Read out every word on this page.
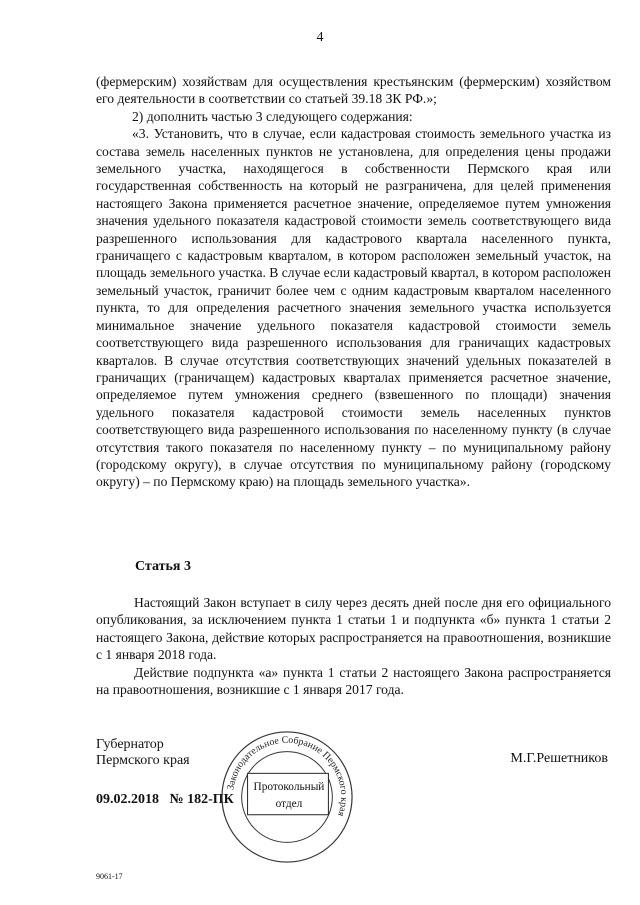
4

(фермерским) хозяйствам для осуществления крестьянским (фермерским) хозяйством его деятельности в соответствии со статьей 39.18 ЗК РФ.»;

2) дополнить частью 3 следующего содержания:

«3. Установить, что в случае, если кадастровая стоимость земельного участка из состава земель населенных пунктов не установлена, для определения цены продажи земельного участка, находящегося в собственности Пермского края или государственная собственность на который не разграничена, для целей применения настоящего Закона применяется расчетное значение, определяемое путем умножения значения удельного показателя кадастровой стоимости земель соответствующего вида разрешенного использования для кадастрового квартала населенного пункта, граничащего с кадастровым кварталом, в котором расположен земельный участок, на площадь земельного участка. В случае если кадастровый квартал, в котором расположен земельный участок, граничит более чем с одним кадастровым кварталом населенного пункта, то для определения расчетного значения земельного участка используется минимальное значение удельного показателя кадастровой стоимости земель соответствующего вида разрешенного использования для граничащих кадастровых кварталов. В случае отсутствия соответствующих значений удельных показателей в граничащих (граничащем) кадастровых кварталах применяется расчетное значение, определяемое путем умножения среднего (взвешенного по площади) значения удельного показателя кадастровой стоимости земель населенных пунктов соответствующего вида разрешенного использования по населенному пункту (в случае отсутствия такого показателя по населенному пункту – по муниципальному району (городскому округу), в случае отсутствия по муниципальному району (городскому округу) – по Пермскому краю) на площадь земельного участка».

Статья 3

Настоящий Закон вступает в силу через десять дней после дня его официального опубликования, за исключением пункта 1 статьи 1 и подпункта «б» пункта 1 статьи 2 настоящего Закона, действие которых распространяется на правоотношения, возникшие с 1 января 2018 года.

Действие подпункта «а» пункта 1 статьи 2 настоящего Закона распространяется на правоотношения, возникшие с 1 января 2017 года.

Губернатор
Пермского края	М.Г.Решетников
09.02.2018   № 182-ПК
Законодательное Собрание Пермского края
Протокольный
отдел
9061-17
